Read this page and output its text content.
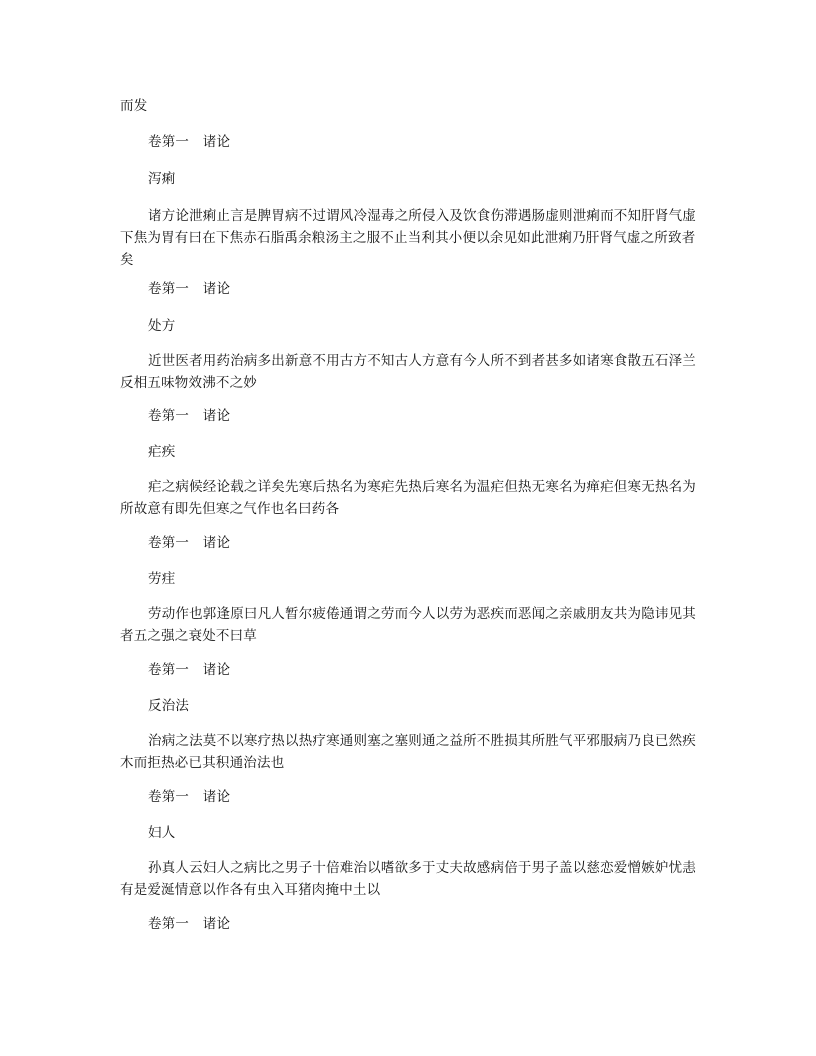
而发
卷第一　诸论
泻痢
诸方论泄痢止言是脾胃病不过谓风冷湿毒之所侵入及饮食伤滞遇肠虚则泄痢而不知肝肾气虚下焦为胃有曰在下焦赤石脂禹余粮汤主之服不止当利其小便以余见如此泄痢乃肝肾气虚之所致者矣
卷第一　诸论
处方
近世医者用药治病多出新意不用古方不知古人方意有今人所不到者甚多如诸寒食散五石泽兰反相五味物效沸不之妙
卷第一　诸论
疟疾
疟之病候经论载之详矣先寒后热名为寒疟先热后寒名为温疟但热无寒名为瘅疟但寒无热名为所故意有即先但寒之气作也名曰药各
卷第一　诸论
劳疰
劳动作也郭逢原曰凡人暂尔疲倦通谓之劳而今人以劳为恶疾而恶闻之亲戚朋友共为隐讳见其者五之强之衰处不曰草
卷第一　诸论
反治法
治病之法莫不以寒疗热以热疗寒通则塞之塞则通之益所不胜损其所胜气平邪服病乃良已然疾木而拒热必已其积通治法也
卷第一　诸论
妇人
孙真人云妇人之病比之男子十倍难治以嗜欲多于丈夫故感病倍于男子盖以慈恋爱憎嫉妒忧恚有是爱涎情意以作各有虫入耳猪肉掩中土以
卷第一　诸论
